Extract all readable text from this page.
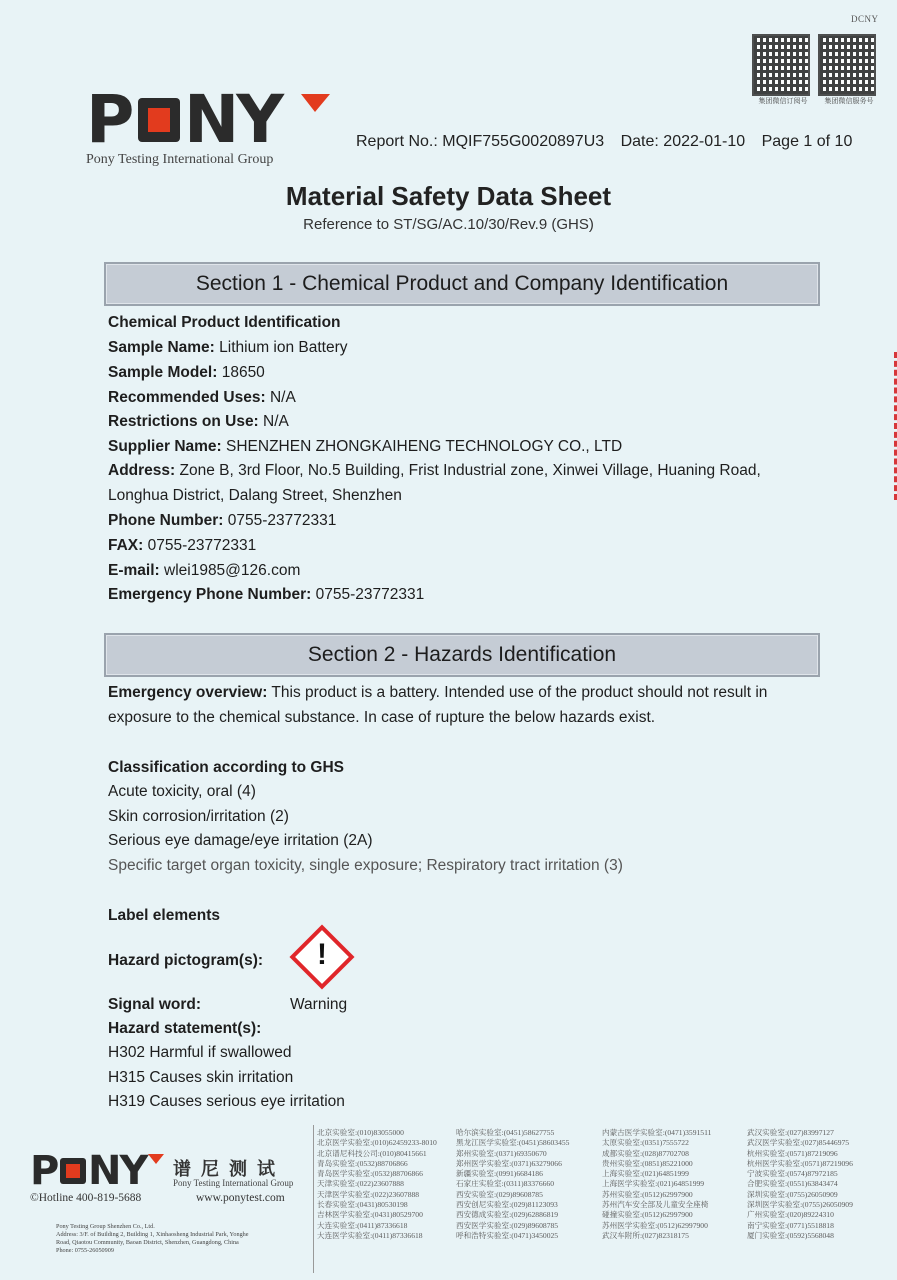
DCNY
集团微信订阅号	集团微信服务号
P NY
Pony Testing International Group
Report No.: MQIF755G0020897U3 Date: 2022-01-10 Page 1 of 10
Material Safety Data Sheet
Reference to ST/SG/AC.10/30/Rev.9 (GHS)
Section 1 - Chemical Product and Company Identification
Chemical Product Identification
Sample Name: Lithium ion Battery
Sample Model: 18650
Recommended Uses: N/A
Restrictions on Use: N/A
Supplier Name: SHENZHEN ZHONGKAIHENG TECHNOLOGY CO., LTD
Address: Zone B, 3rd Floor, No.5 Building, Frist Industrial zone, Xinwei Village, Huaning Road,
Longhua District, Dalang Street, Shenzhen
Phone Number: 0755-23772331
FAX: 0755-23772331
E-mail: wlei1985@126.com
Emergency Phone Number: 0755-23772331
Section 2 - Hazards Identification
Emergency overview: This product is a battery. Intended use of the product should not result in
exposure to the chemical substance. In case of rupture the below hazards exist.
Classification according to GHS
Acute toxicity, oral (4)
Skin corrosion/irritation (2)
Serious eye damage/eye irritation (2A)
Specific target organ toxicity, single exposure; Respiratory tract irritation (3)
Label elements
Hazard pictogram(s):	!
Signal word:	Warning
Hazard statement(s):
H302 Harmful if swallowed
H315 Causes skin irritation
H319 Causes serious eye irritation
P NY 谱尼测试
Pony Testing International Group
©Hotline 400-819-5688	www.ponytest.com
Pony Testing Group Shenzhen Co., Ltd.
Address: 3/F. of Building 2, Building 1, Xinhaosheng Industrial Park, Yonghe
Road, Qiaotou Community, Baoan District, Shenzhen, Guangdong, China
Phone: 0755-26050909
北京实验室:(010)83055000
北京医学实验室:(010)62459233-8010
北京谱尼科技公司:(010)80415661
青岛实验室:(0532)88706866
青岛医学实验室:(0532)88706866
天津实验室:(022)23607888
天津医学实验室:(022)23607888
长春实验室:(0431)80530198
吉林医学实验室:(0431)80529700
大连实验室:(0411)87336618
大连医学实验室:(0411)87336618
哈尔滨实验室:(0451)58627755
黑龙江医学实验室:(0451)58603455
郑州实验室:(0371)69350670
郑州医学实验室:(0371)63279066
新疆实验室:(0991)6684186
石家庄实验室:(0311)83376660
西安实验室:(029)89608785
西安创尼实验室:(029)81123093
西安德成实验室:(029)62886819
西安医学实验室:(029)89608785
呼和浩特实验室:(0471)3450025
内蒙古医学实验室:(0471)3591511
太原实验室:(0351)7555722
成都实验室:(028)87702708
贵州实验室:(0851)85221000
上海实验室:(021)64851999
上海医学实验室:(021)64851999
苏州实验室:(0512)62997900
苏州汽车安全部及儿童安全座椅
碰撞实验室:(0512)62997900
苏州医学实验室:(0512)62997900
武汉车附所:(027)82318175
武汉实验室:(027)83997127
武汉医学实验室:(027)85446975
杭州实验室:(0571)87219096
杭州医学实验室:(0571)87219096
宁波实验室:(0574)87972185
合肥实验室:(0551)63843474
深圳实验室:(0755)26050909
深圳医学实验室:(0755)26050909
广州实验室:(020)89224310
南宁实验室:(0771)5518818
厦门实验室:(0592)5568048
